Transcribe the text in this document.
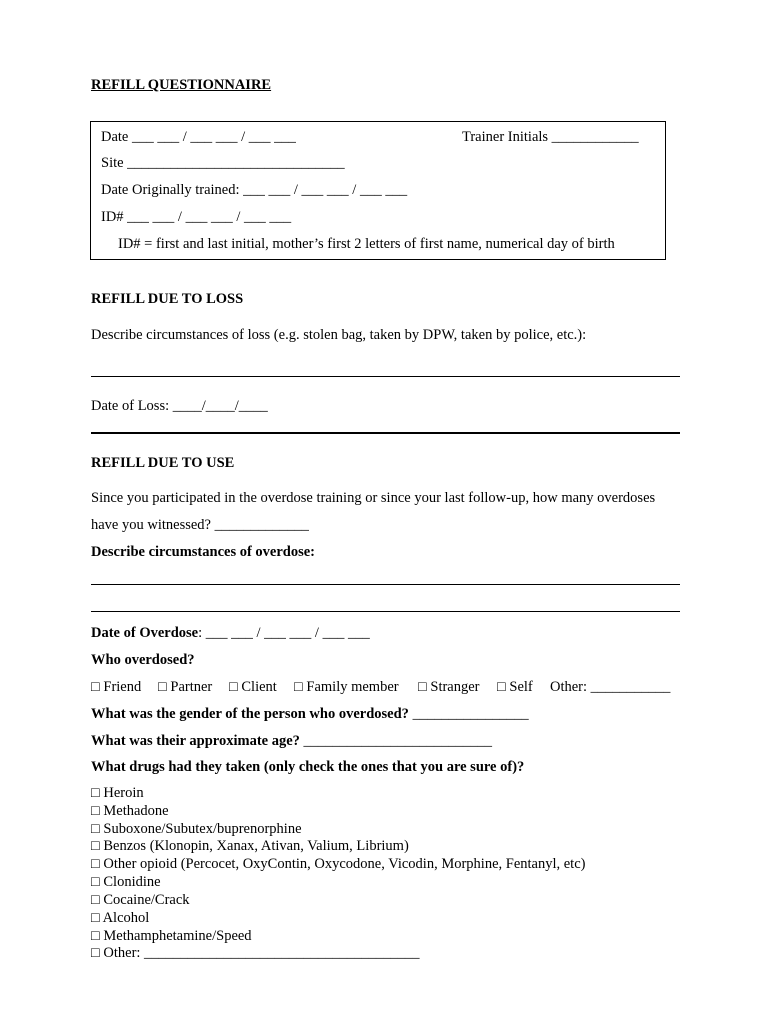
REFILL QUESTIONNAIRE
Date ___ ___ / ___ ___ / ___ ___	Trainer Initials ____________
Site ______________________________
Date Originally trained: ___ ___ / ___ ___ / ___ ___
ID# ___ ___ / ___ ___ / ___ ___
ID# = first and last initial, mother’s first 2 letters of first name, numerical day of birth
REFILL DUE TO LOSS
Describe circumstances of loss (e.g. stolen bag, taken by DPW, taken by police, etc.):
Date of Loss: ____/____/____
REFILL DUE TO USE
Since you participated in the overdose training or since your last follow-up, how many overdoses
have you witnessed? _____________
Describe circumstances of overdose:
Date of Overdose: ___ ___ / ___ ___ / ___ ___
Who overdosed?
□ Friend □ Partner □ Client □ Family member □ Stranger □ Self Other: ___________
What was the gender of the person who overdosed? ________________
What was their approximate age? __________________________
What drugs had they taken (only check the ones that you are sure of)?
□ Heroin
□ Methadone
□ Suboxone/Subutex/buprenorphine
□ Benzos (Klonopin, Xanax, Ativan, Valium, Librium)
□ Other opioid (Percocet, OxyContin, Oxycodone, Vicodin, Morphine, Fentanyl, etc)
□ Clonidine
□ Cocaine/Crack
□ Alcohol
□ Methamphetamine/Speed
□ Other: ______________________________________
